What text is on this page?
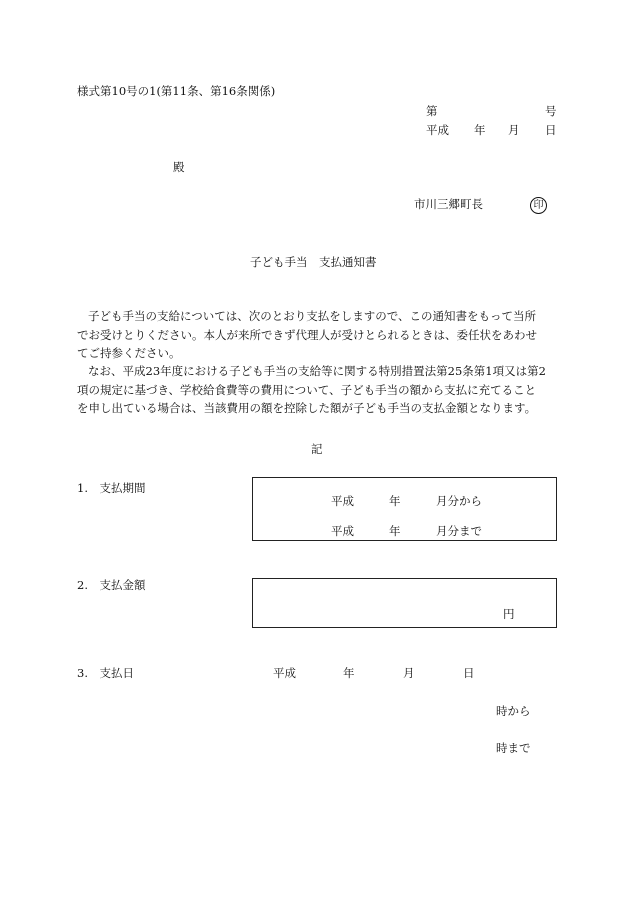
様式第10号の1(第11条、第16条関係)
第	号
平成 年 月 日
殿
市川三郷町長	印
子ども手当　支払通知書
子ども手当の支給については、次のとおり支払をしますので、この通知書をもって当所
でお受けとりください。本人が来所できず代理人が受けとられるときは、委任状をあわせ
てご持参ください。
なお、平成23年度における子ども手当の支給等に関する特別措置法第25条第1項又は第2
項の規定に基づき、学校給食費等の費用について、子ども手当の額から支払に充てること
を申し出ている場合は、当該費用の額を控除した額が子ども手当の支払金額となります。
記
1.　支払期間
平成	年	月分から
平成	年	月分まで
2.　支払金額
円
3.　支払日	平成	年	月	日
時から
時まで
